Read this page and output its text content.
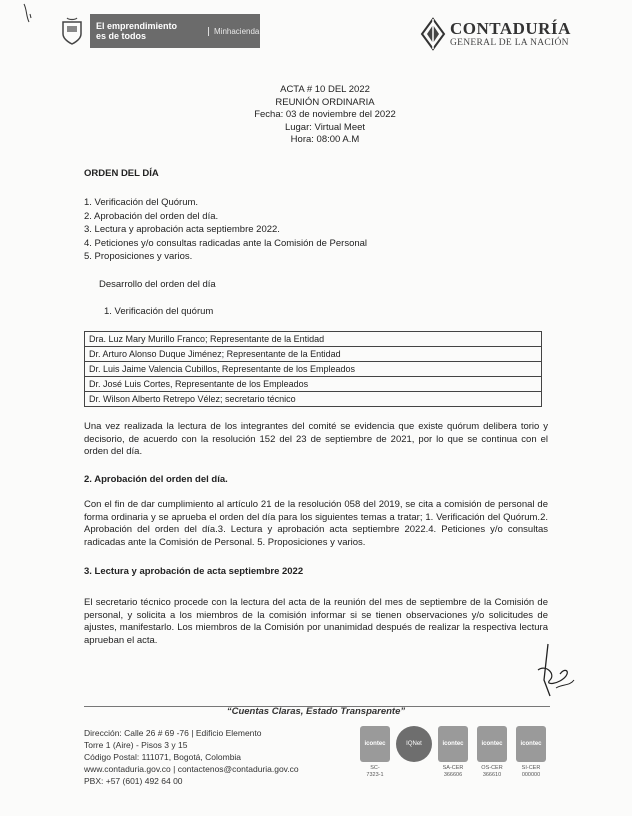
El emprendimiento
es de todos	Minhacienda	CONTADURÍA
GENERAL DE LA NACIÓN
ACTA # 10 DEL 2022
REUNIÓN ORDINARIA
Fecha: 03 de noviembre del 2022
Lugar: Virtual Meet
Hora: 08:00 A.M
ORDEN DEL DÍA
1. Verificación del Quórum.
2. Aprobación del orden del día.
3. Lectura y aprobación acta septiembre 2022.
4. Peticiones y/o consultas radicadas ante la Comisión de Personal
5. Proposiciones y varios.
Desarrollo del orden del día
1. Verificación del quórum
Dra. Luz Mary Murillo Franco; Representante de la Entidad
Dr. Arturo Alonso Duque Jiménez; Representante de la Entidad
Dr. Luis Jaime Valencia Cubillos, Representante de los Empleados
Dr. José Luis Cortes, Representante de los Empleados
Dr. Wilson Alberto Retrepo Vélez; secretario técnico
Una vez realizada la lectura de los integrantes del comité se evidencia que existe quórum delibera torio y decisorio, de acuerdo con la resolución 152 del 23 de septiembre de 2021, por lo que se continua con el orden del día.
2. Aprobación del orden del día.
Con el fin de dar cumplimiento al artículo 21 de la resolución 058 del 2019, se cita a comisión de personal de forma ordinaria y se aprueba el orden del día para los siguientes temas a tratar; 1. Verificación del Quórum.2. Aprobación del orden del día.3. Lectura y aprobación acta septiembre 2022.4. Peticiones y/o consultas radicadas ante la Comisión de Personal. 5. Proposiciones y varios.
3. Lectura y aprobación de acta septiembre 2022
El secretario técnico procede con la lectura del acta de la reunión del mes de septiembre de la Comisión de personal, y solicita a los miembros de la comisión informar si se tienen observaciones y/o solicitudes de ajustes, manifestarlo. Los miembros de la Comisión por unanimidad después de realizar la respectiva lectura aprueban el acta.
“Cuentas Claras, Estado Transparente”
Dirección: Calle 26 # 69 -76 | Edificio Elemento
Torre 1 (Aire) - Pisos 3 y 15
Código Postal: 111071, Bogotá, Colombia
www.contaduria.gov.co | contactenos@contaduria.gov.co
PBX: +57 (601) 492 64 00
icontec
SC-
7323-1
IQNet	icontec
SA-CER
366606
icontec
OS-CER
366610
icontec
SI-CER
000000
